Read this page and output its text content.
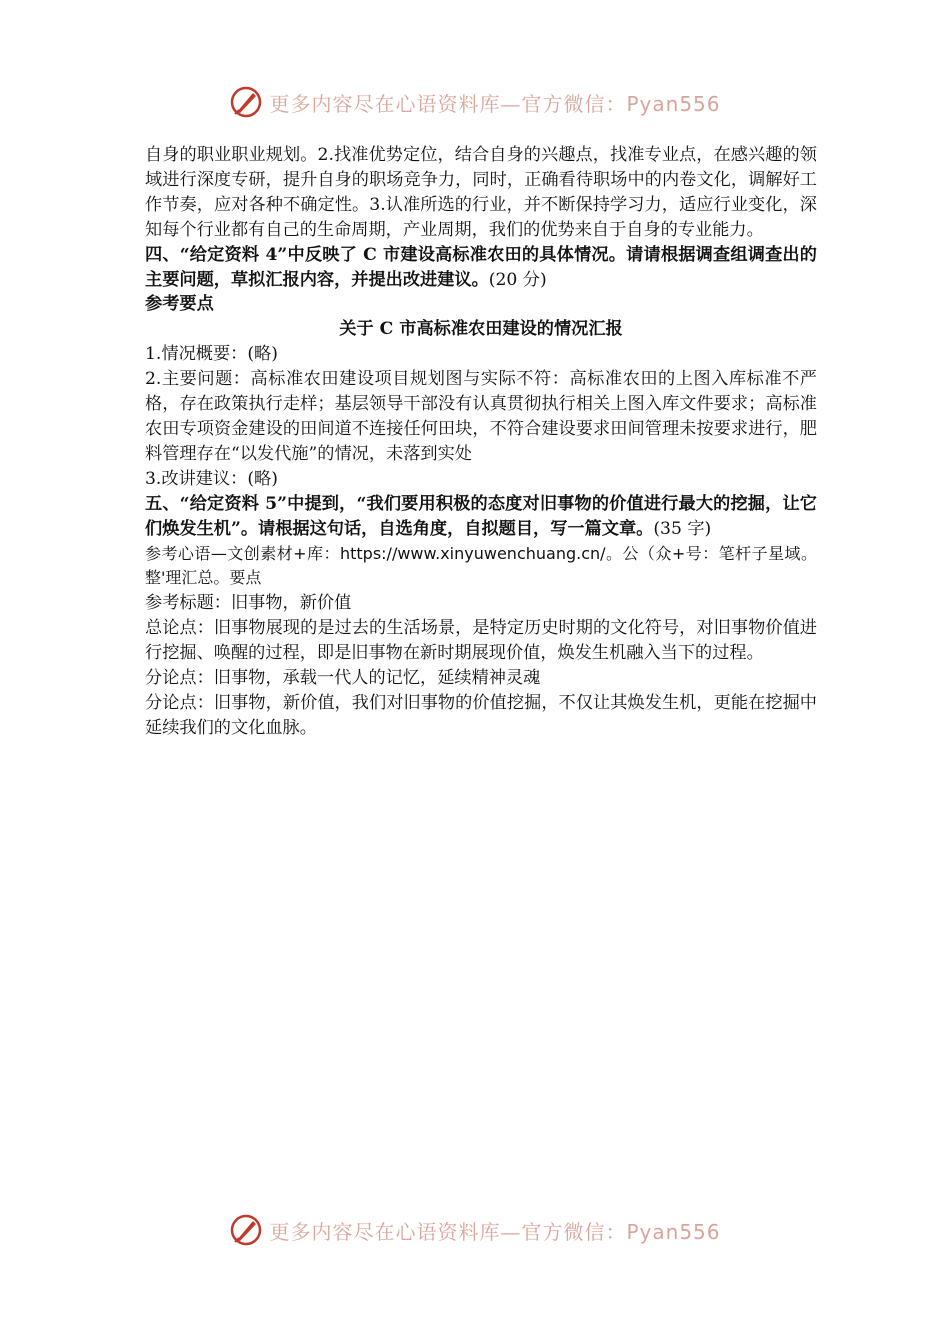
更多内容尽在心语资料库—官方微信：Pyan556

自身的职业职业规划。2.找准优势定位，结合自身的兴趣点，找准专业点，在感兴趣的领域进行深度专研，提升自身的职场竞争力，同时，正确看待职场中的内卷文化，调解好工作节奏，应对各种不确定性。3.认准所选的行业，并不断保持学习力，适应行业变化，深知每个行业都有自己的生命周期，产业周期，我们的优势来自于自身的专业能力。

四、“给定资料 4”中反映了 C 市建设高标准农田的具体情况。请请根据调查组调查出的主要问题，草拟汇报内容，并提出改进建议。(20 分)

参考要点

关于 C 市高标准农田建设的情况汇报

1.情况概要：(略)

2.主要问题：高标准农田建设项目规划图与实际不符：高标准农田的上图入库标准不严格，存在政策执行走样；基层领导干部没有认真贯彻执行相关上图入库文件要求；高标准农田专项资金建设的田间道不连接任何田块，不符合建设要求田间管理未按要求进行，肥料管理存在“以发代施”的情况，未落到实处

3.改讲建议：(略)

五、“给定资料 5”中提到，“我们要用积极的态度对旧事物的价值进行最大的挖掘，让它们焕发生机”。请根据这句话，自选角度，自拟题目，写一篇文章。(35 字)

参考心语—文创素材+库：https://www.xinyuwenchuang.cn/。公（众+号：笔杆子星域。整'理汇总。要点

参考标题：旧事物，新价值

总论点：旧事物展现的是过去的生活场景，是特定历史时期的文化符号，对旧事物价值进行挖掘、唤醒的过程，即是旧事物在新时期展现价值，焕发生机融入当下的过程。

分论点：旧事物，承载一代人的记忆，延续精神灵魂

分论点：旧事物，新价值，我们对旧事物的价值挖掘，不仅让其焕发生机，更能在挖掘中延续我们的文化血脉。

更多内容尽在心语资料库—官方微信：Pyan556
